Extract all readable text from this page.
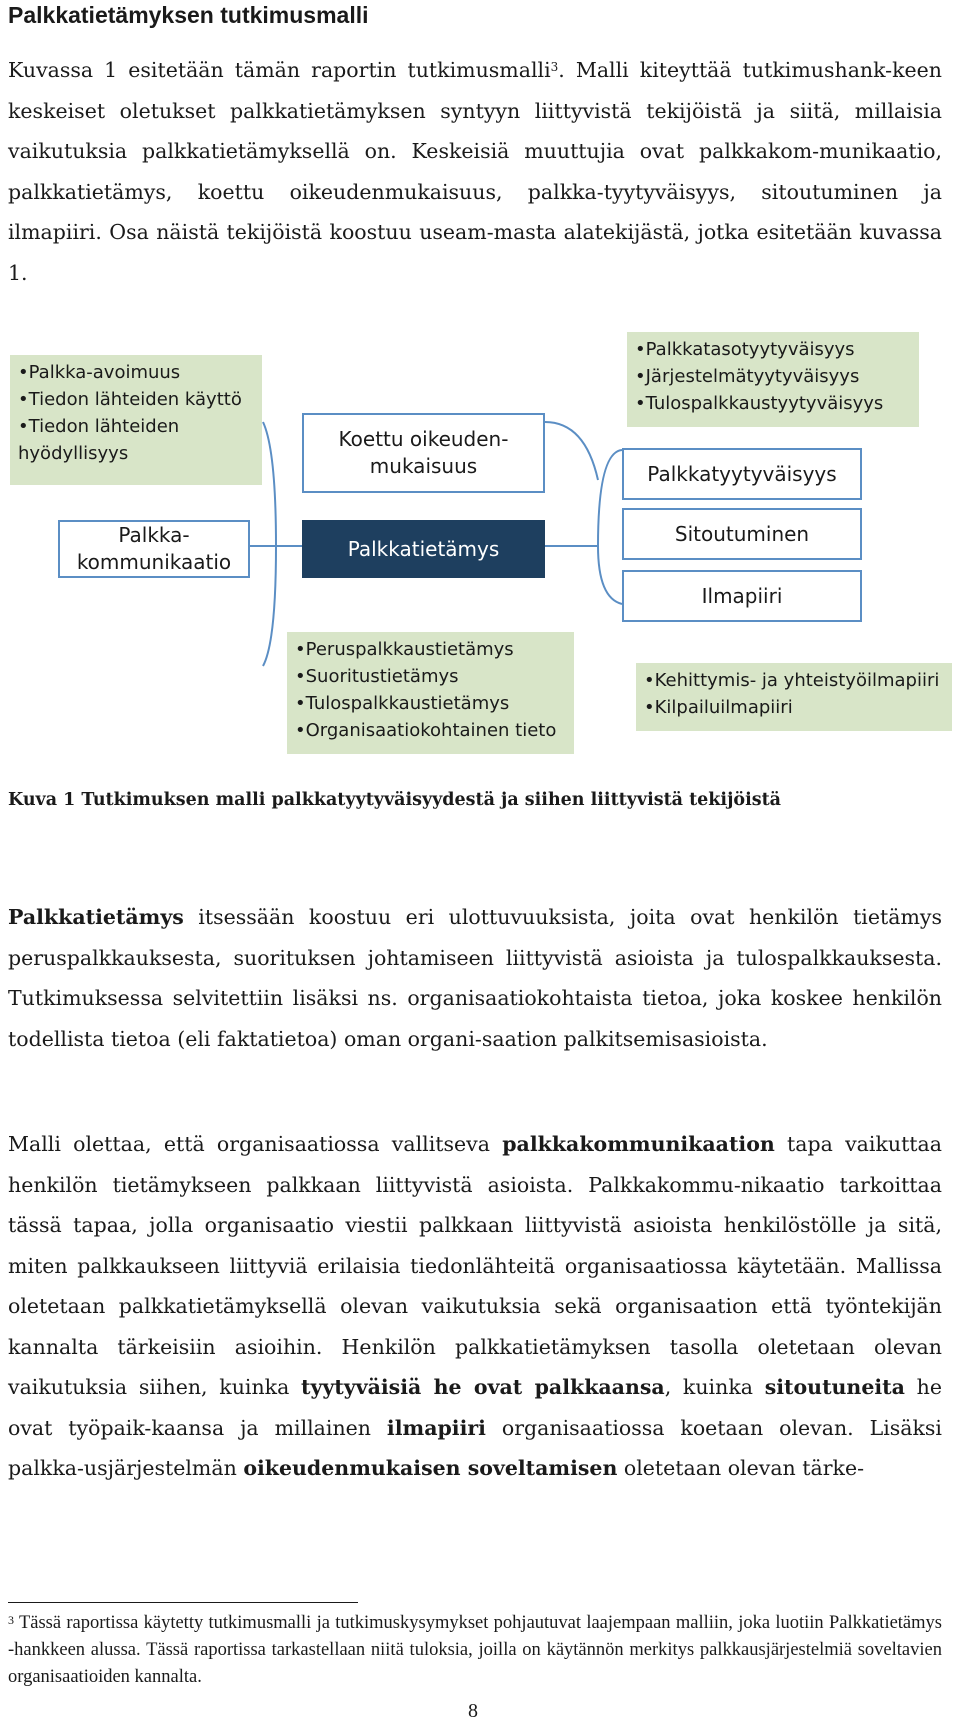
Palkkatietämyksen tutkimusmalli

Kuvassa 1 esitetään tämän raportin tutkimusmalli$^3$. Malli kiteyttää tutkimushank-keen keskeiset oletukset palkkatietämyksen syntyyn liittyvistä tekijöistä ja siitä, millaisia vaikutuksia palkkatietämyksellä on. Keskeisiä muuttujia ovat palkkakom-munikaatio, palkkatietämys, koettu oikeudenmukaisuus, palkka-tyytyväisyys, sitoutuminen ja ilmapiiri. Osa näistä tekijöistä koostuu useam-masta alatekijästä, jotka esitetään kuvassa 1.

• Palkka-avoimuus
• Tiedon lähteiden käyttö
• Tiedon lähteiden hyödyllisyys
• Palkkatasotyytyväisyys
• Järjestelmätyytyväisyys
• Tulospalkkaustyytyväisyys
• Peruspalkkaustietämys
• Suoritustietämys
• Tulospalkkaustietämys
• Organisaatiokohtainen tieto
• Kehittymis- ja yhteistyöilmapiiri
• Kilpailuilmapiiri
Palkka-kommunikaatio
Koettu oikeuden-mukaisuus
Palkkatietämys
Palkkatyytyväisyys
Sitoutuminen
Ilmapiiri

Kuva 1 Tutkimuksen malli palkkatyytyväisyydestä ja siihen liittyvistä tekijöistä

Palkkatietämys itsessään koostuu eri ulottuvuuksista, joita ovat henkilön tietämys peruspalkkauksesta, suorituksen johtamiseen liittyvistä asioista ja tulospalkkauksesta. Tutkimuksessa selvitettiin lisäksi ns. organisaatiokohtaista tietoa, joka koskee henkilön todellista tietoa (eli faktatietoa) oman organi-saation palkitsemisasioista.

Malli olettaa, että organisaatiossa vallitseva palkkakommunikaation tapa vaikuttaa henkilön tietämykseen palkkaan liittyvistä asioista. Palkkakommu-nikaatio tarkoittaa tässä tapaa, jolla organisaatio viestii palkkaan liittyvistä asioista henkilöstölle ja sitä, miten palkkaukseen liittyviä erilaisia tiedonlähteitä organisaatiossa käytetään. Mallissa oletetaan palkkatietämyksellä olevan vaikutuksia sekä organisaation että työntekijän kannalta tärkeisiin asioihin. Henkilön palkkatietämyksen tasolla oletetaan olevan vaikutuksia siihen, kuinka tyytyväisiä he ovat palkkaansa, kuinka sitoutuneita he ovat työpaik-kaansa ja millainen ilmapiiri organisaatiossa koetaan olevan. Lisäksi palkka-usjärjestelmän oikeudenmukaisen soveltamisen oletetaan olevan tärke-

$^3$ Tässä raportissa käytetty tutkimusmalli ja tutkimuskysymykset pohjautuvat laajempaan malliin, joka luotiin Palkkatietämys -hankkeen alussa. Tässä raportissa tarkastellaan niitä tuloksia, joilla on käytännön merkitys palkkausjärjestelmiä soveltavien organisaatioiden kannalta.

8
